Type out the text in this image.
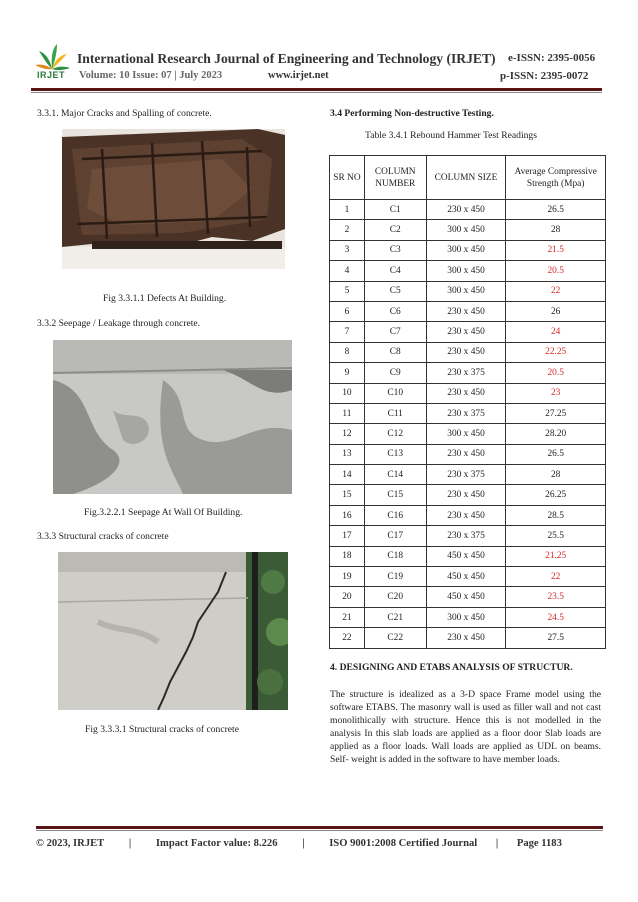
IRJET
International Research Journal of Engineering and Technology (IRJET) e-ISSN: 2395-0056
Volume: 10 Issue: 07 | July 2023	www.irjet.net	p-ISSN: 2395-0072
3.3.1. Major Cracks and Spalling of concrete.
Fig 3.3.1.1 Defects At Building.
3.3.2 Seepage / Leakage through concrete.
Fig.3.2.2.1 Seepage At Wall Of Building.
3.3.3 Structural cracks of concrete
Fig 3.3.3.1 Structural cracks of concrete
3.4 Performing Non-destructive Testing.
Table 3.4.1 Rebound Hammer Test Readings
SR NO	COLUMN NUMBER	COLUMN SIZE	Average Compressive Strength (Mpa)
1	C1	230 x 450	26.5
2	C2	300 x 450	28
3	C3	300 x 450	21.5
4	C4	300 x 450	20.5
5	C5	300 x 450	22
6	C6	230 x 450	26
7	C7	230 x 450	24
8	C8	230 x 450	22.25
9	C9	230 x 375	20.5
10	C10	230 x 450	23
11	C11	230 x 375	27.25
12	C12	300 x 450	28.20
13	C13	230 x 450	26.5
14	C14	230 x 375	28
15	C15	230 x 450	26.25
16	C16	230 x 450	28.5
17	C17	230 x 375	25.5
18	C18	450 x 450	21.25
19	C19	450 x 450	22
20	C20	450 x 450	23.5
21	C21	300 x 450	24.5
22	C22	230 x 450	27.5
4. DESIGNING AND ETABS ANALYSIS OF STRUCTUR.
The structure is idealized as a 3-D space Frame model using the software ETABS. The masonry wall is used as filler wall and not cast monolithically with structure. Hence this is not modelled in the analysis In this slab loads are applied as a floor door Slab loads are applied as a floor loads. Wall loads are applied as UDL on beams. Self- weight is added in the software to have member loads.
© 2023, IRJET | Impact Factor value: 8.226 | ISO 9001:2008 Certified Journal | Page 1183
